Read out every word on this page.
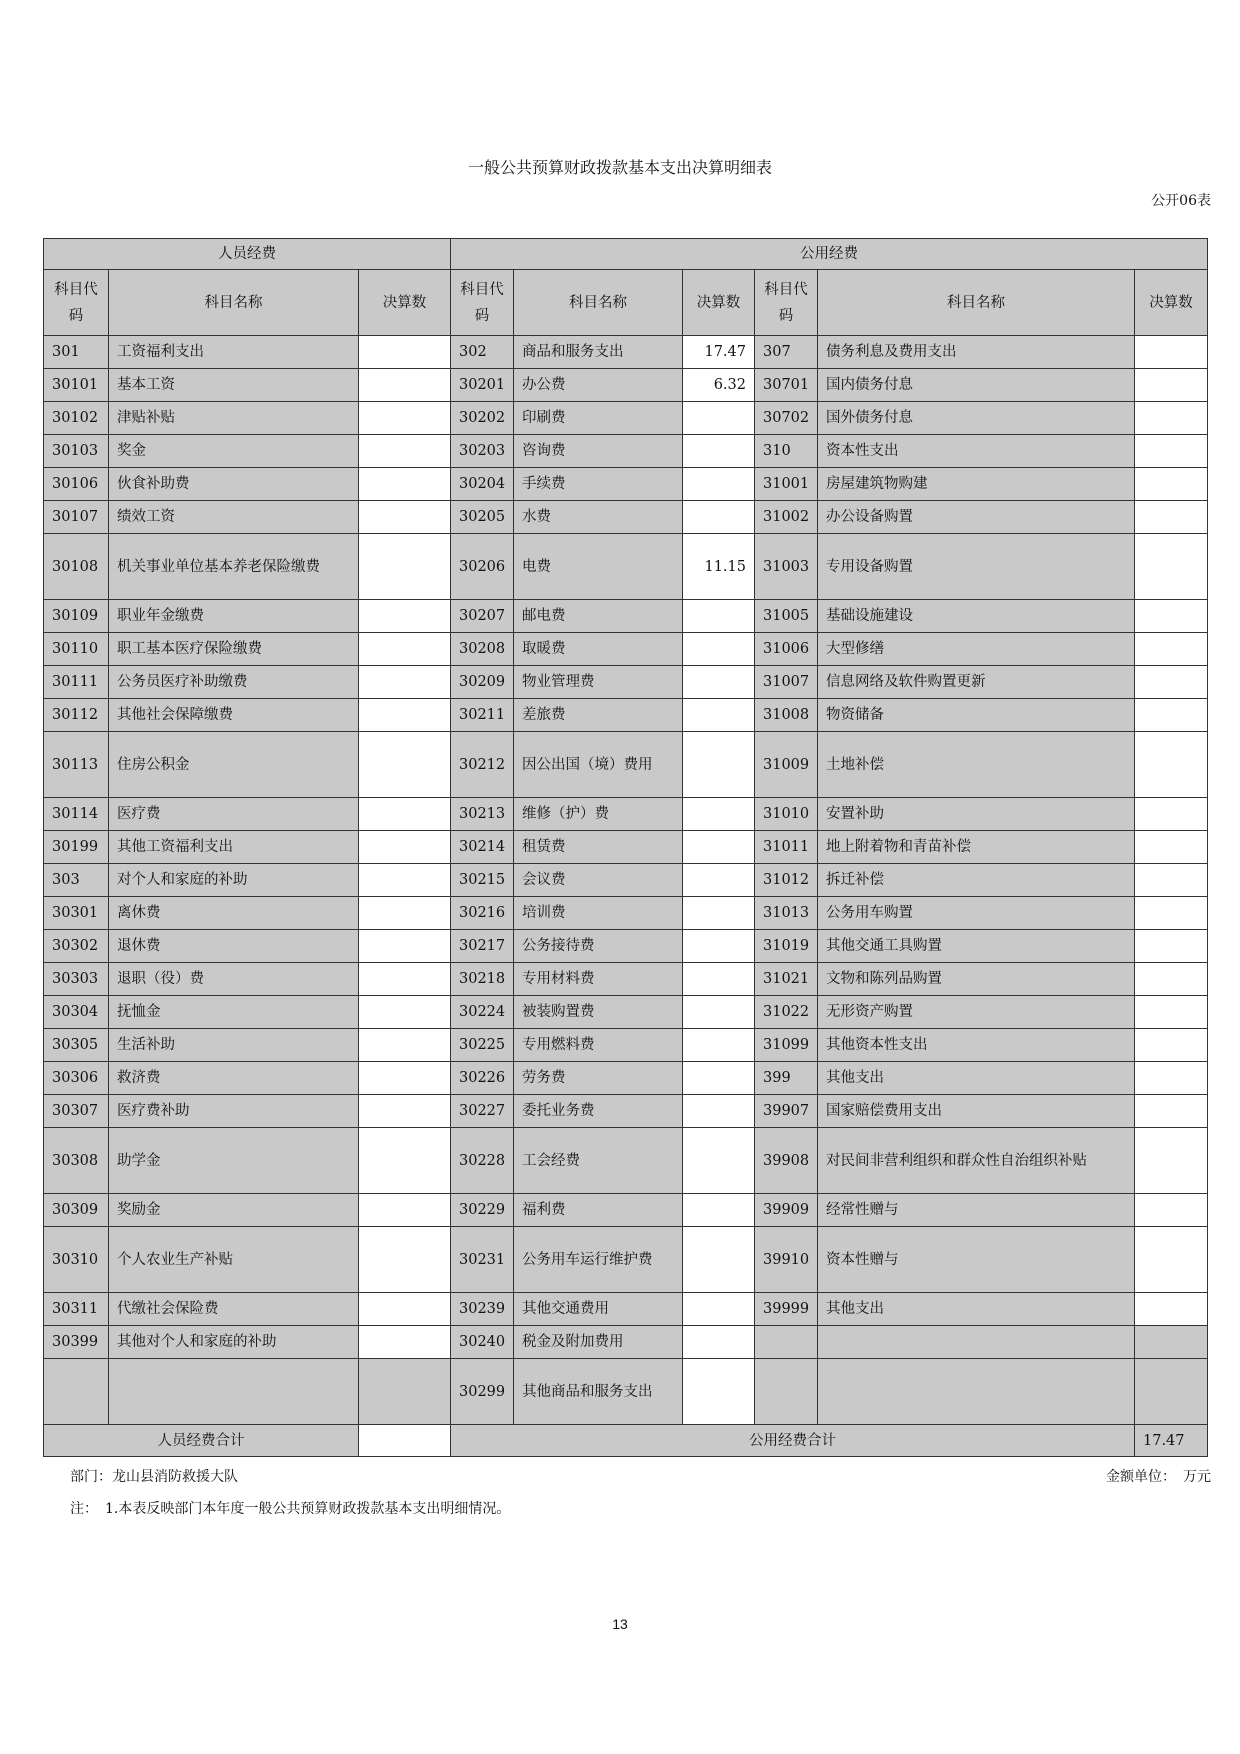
一般公共预算财政拨款基本支出决算明细表
公开06表
人员经费			公用经费					
科目代码	科目名称	决算数	科目代码	科目名称	决算数	科目代码	科目名称	决算数
301	工资福利支出		302	商品和服务支出	17.47	307	债务利息及费用支出	
30101	基本工资		30201	办公费	6.32	30701	国内债务付息	
30102	津贴补贴		30202	印刷费		30702	国外债务付息	
30103	奖金		30203	咨询费		310	资本性支出	
30106	伙食补助费		30204	手续费		31001	房屋建筑物购建	
30107	绩效工资		30205	水费		31002	办公设备购置	
30108	机关事业单位基本养老保险缴费		30206	电费	11.15	31003	专用设备购置	
30109	职业年金缴费		30207	邮电费		31005	基础设施建设	
30110	职工基本医疗保险缴费		30208	取暖费		31006	大型修缮	
30111	公务员医疗补助缴费		30209	物业管理费		31007	信息网络及软件购置更新	
30112	其他社会保障缴费		30211	差旅费		31008	物资储备	
30113	住房公积金		30212	因公出国（境）费用		31009	土地补偿	
30114	医疗费		30213	维修（护）费		31010	安置补助	
30199	其他工资福利支出		30214	租赁费		31011	地上附着物和青苗补偿	
303	对个人和家庭的补助		30215	会议费		31012	拆迁补偿	
30301	离休费		30216	培训费		31013	公务用车购置	
30302	退休费		30217	公务接待费		31019	其他交通工具购置	
30303	退职（役）费		30218	专用材料费		31021	文物和陈列品购置	
30304	抚恤金		30224	被装购置费		31022	无形资产购置	
30305	生活补助		30225	专用燃料费		31099	其他资本性支出	
30306	救济费		30226	劳务费		399	其他支出	
30307	医疗费补助		30227	委托业务费		39907	国家赔偿费用支出	
30308	助学金		30228	工会经费		39908	对民间非营利组织和群众性自治组织补贴	
30309	奖励金		30229	福利费		39909	经常性赠与	
30310	个人农业生产补贴		30231	公务用车运行维护费		39910	资本性赠与	
30311	代缴社会保险费		30239	其他交通费用		39999	其他支出	
30399	其他对个人和家庭的补助		30240	税金及附加费用				
			30299	其他商品和服务支出				
人员经费合计			公用经费合计					17.47
部门：龙山县消防救援大队	金额单位：　万元
注：　1.本表反映部门本年度一般公共预算财政拨款基本支出明细情况。
13
